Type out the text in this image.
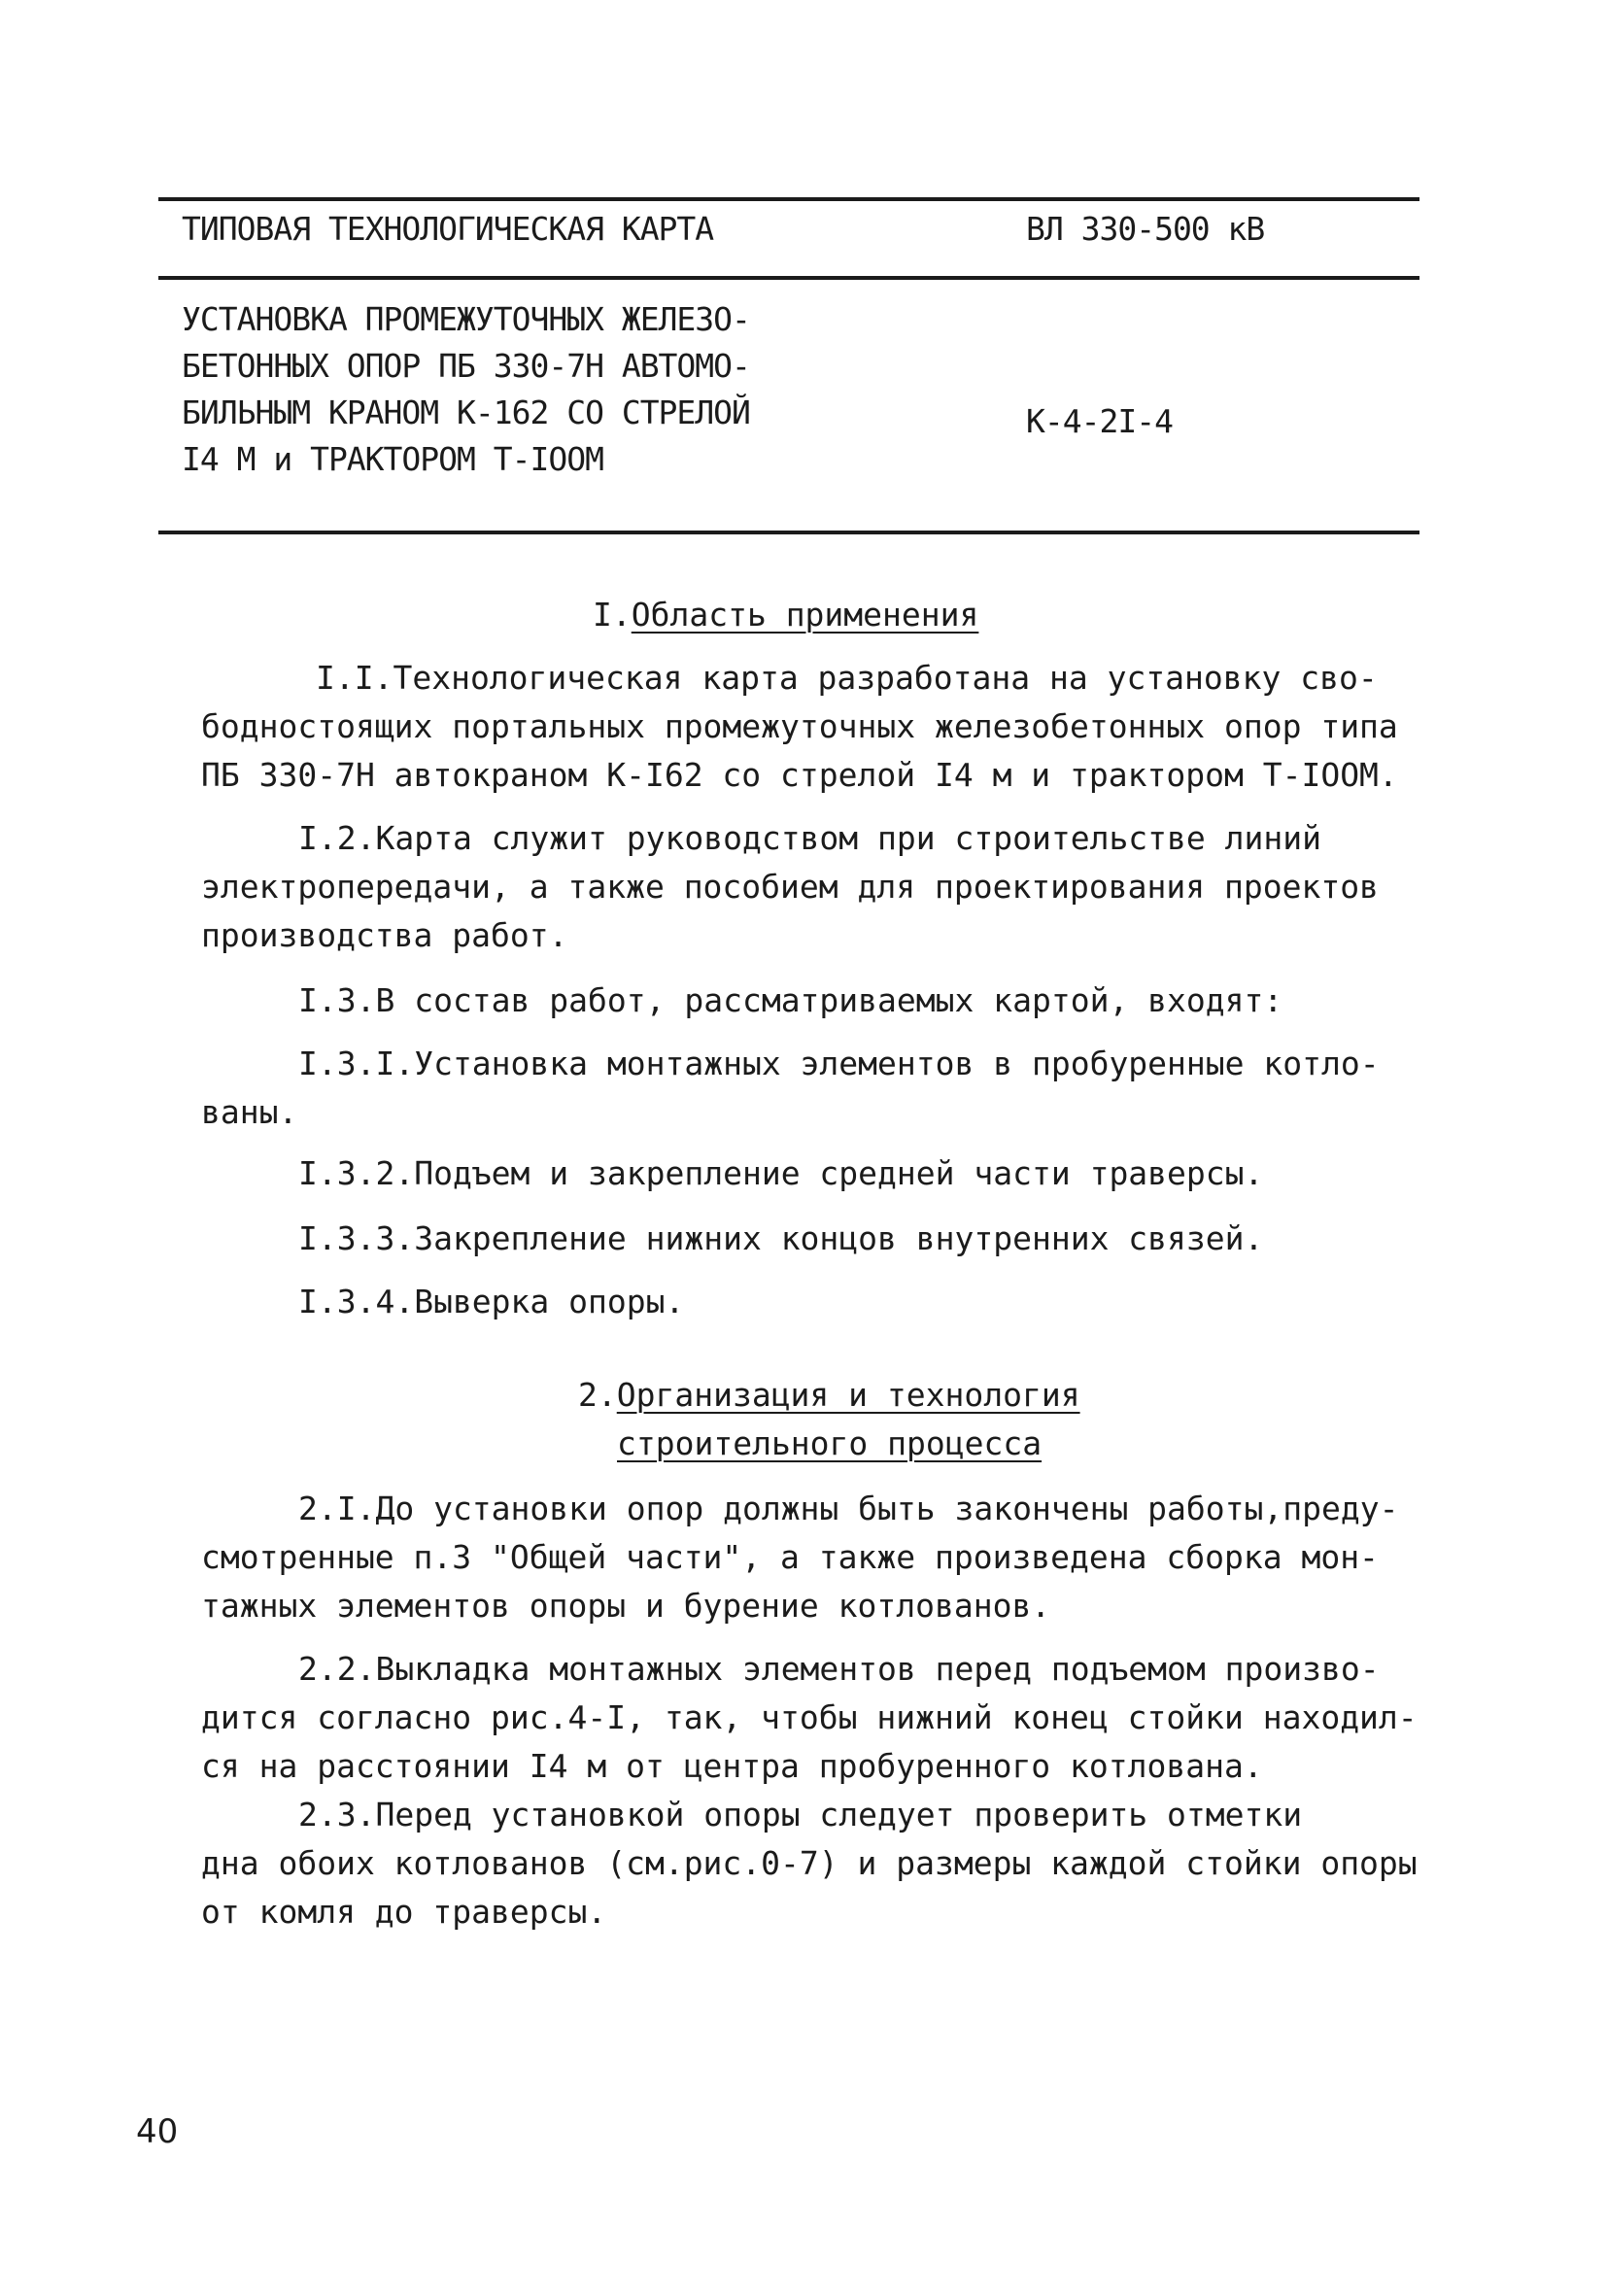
ТИПОВАЯ ТЕХНОЛОГИЧЕСКАЯ КАРТА	ВЛ 330-500 кВ
УСТАНОВКА ПРОМЕЖУТОЧНЫХ ЖЕЛЕЗО-
БЕТОННЫХ ОПОР ПБ 330-7Н АВТОМО-
БИЛЬНЫМ КРАНОМ К-162 СО СТРЕЛОЙ
I4 М и ТРАКТОРОМ Т-IOOM
К-4-2I-4
I.Область применения

I.I.Технологическая карта разработана на установку сво-

бодностоящих портальных промежуточных железобетонных опор типа

ПБ 330-7Н автокраном К-I62 со стрелой I4 м и трактором Т-IOOМ.

I.2.Карта служит руководством при строительстве линий

электропередачи, а также пособием для проектирования проектов

производства работ.

I.3.В состав работ, рассматриваемых картой, входят:

I.3.I.Установка монтажных элементов в пробуренные котло-

ваны.

I.3.2.Подъем и закрепление средней части траверсы.

I.3.3.Закрепление нижних концов внутренних связей.

I.3.4.Выверка опоры.

2.Организация и технология
строительного процесса

2.I.До установки опор должны быть закончены работы,преду-

смотренные п.3 "Общей части", а также произведена сборка мон-

тажных элементов опоры и бурение котлованов.

2.2.Выкладка монтажных элементов перед подъемом произво-

дится согласно рис.4-I, так, чтобы нижний конец стойки находил-

ся на расстоянии I4 м от центра пробуренного котлована.

2.3.Перед установкой опоры следует проверить отметки

дна обоих котлованов (см.рис.0-7) и размеры каждой стойки опоры

от комля до траверсы.

40
